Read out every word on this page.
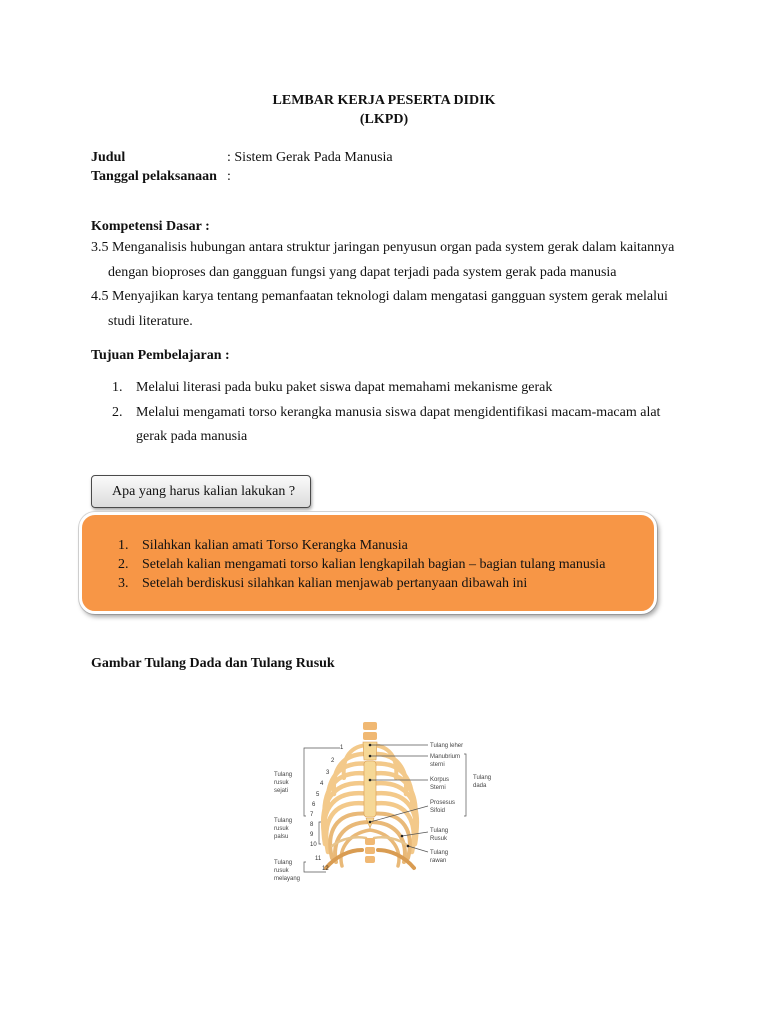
LEMBAR KERJA PESERTA DIDIK
(LKPD)
Judul	: Sistem Gerak Pada Manusia
Tanggal pelaksanaan :
Kompetensi Dasar :
3.5 Menganalisis hubungan antara struktur jaringan penyusun organ pada system gerak dalam kaitannya
dengan bioproses dan gangguan fungsi yang dapat terjadi pada system gerak pada manusia
4.5 Menyajikan karya tentang pemanfaatan teknologi dalam mengatasi gangguan system gerak melalui
studi literature.
Tujuan Pembelajaran :
1. Melalui literasi pada buku paket siswa dapat memahami mekanisme gerak
2. Melalui mengamati torso kerangka manusia siswa dapat mengidentifikasi macam-macam alat gerak pada manusia
Apa yang harus kalian lakukan ?
1. Silahkan kalian amati Torso Kerangka Manusia
2. Setelah kalian mengamati torso kalian lengkapilah bagian – bagian tulang manusia
3. Setelah berdiskusi silahkan kalian menjawab pertanyaan dibawah ini
Gambar Tulang Dada dan Tulang Rusuk
1
2
3
4
5
6
7
8
9
10
11
12
Tulang
rusuk
sejati
Tulang
rusuk
palsu
Tulang
rusuk
melayang
Tulang leher
Manubrium
sterni
Korpus
Sterni
Prosesus
Sifoid
Tulang
Rusuk
Tulang
rawan
Tulang
dada
